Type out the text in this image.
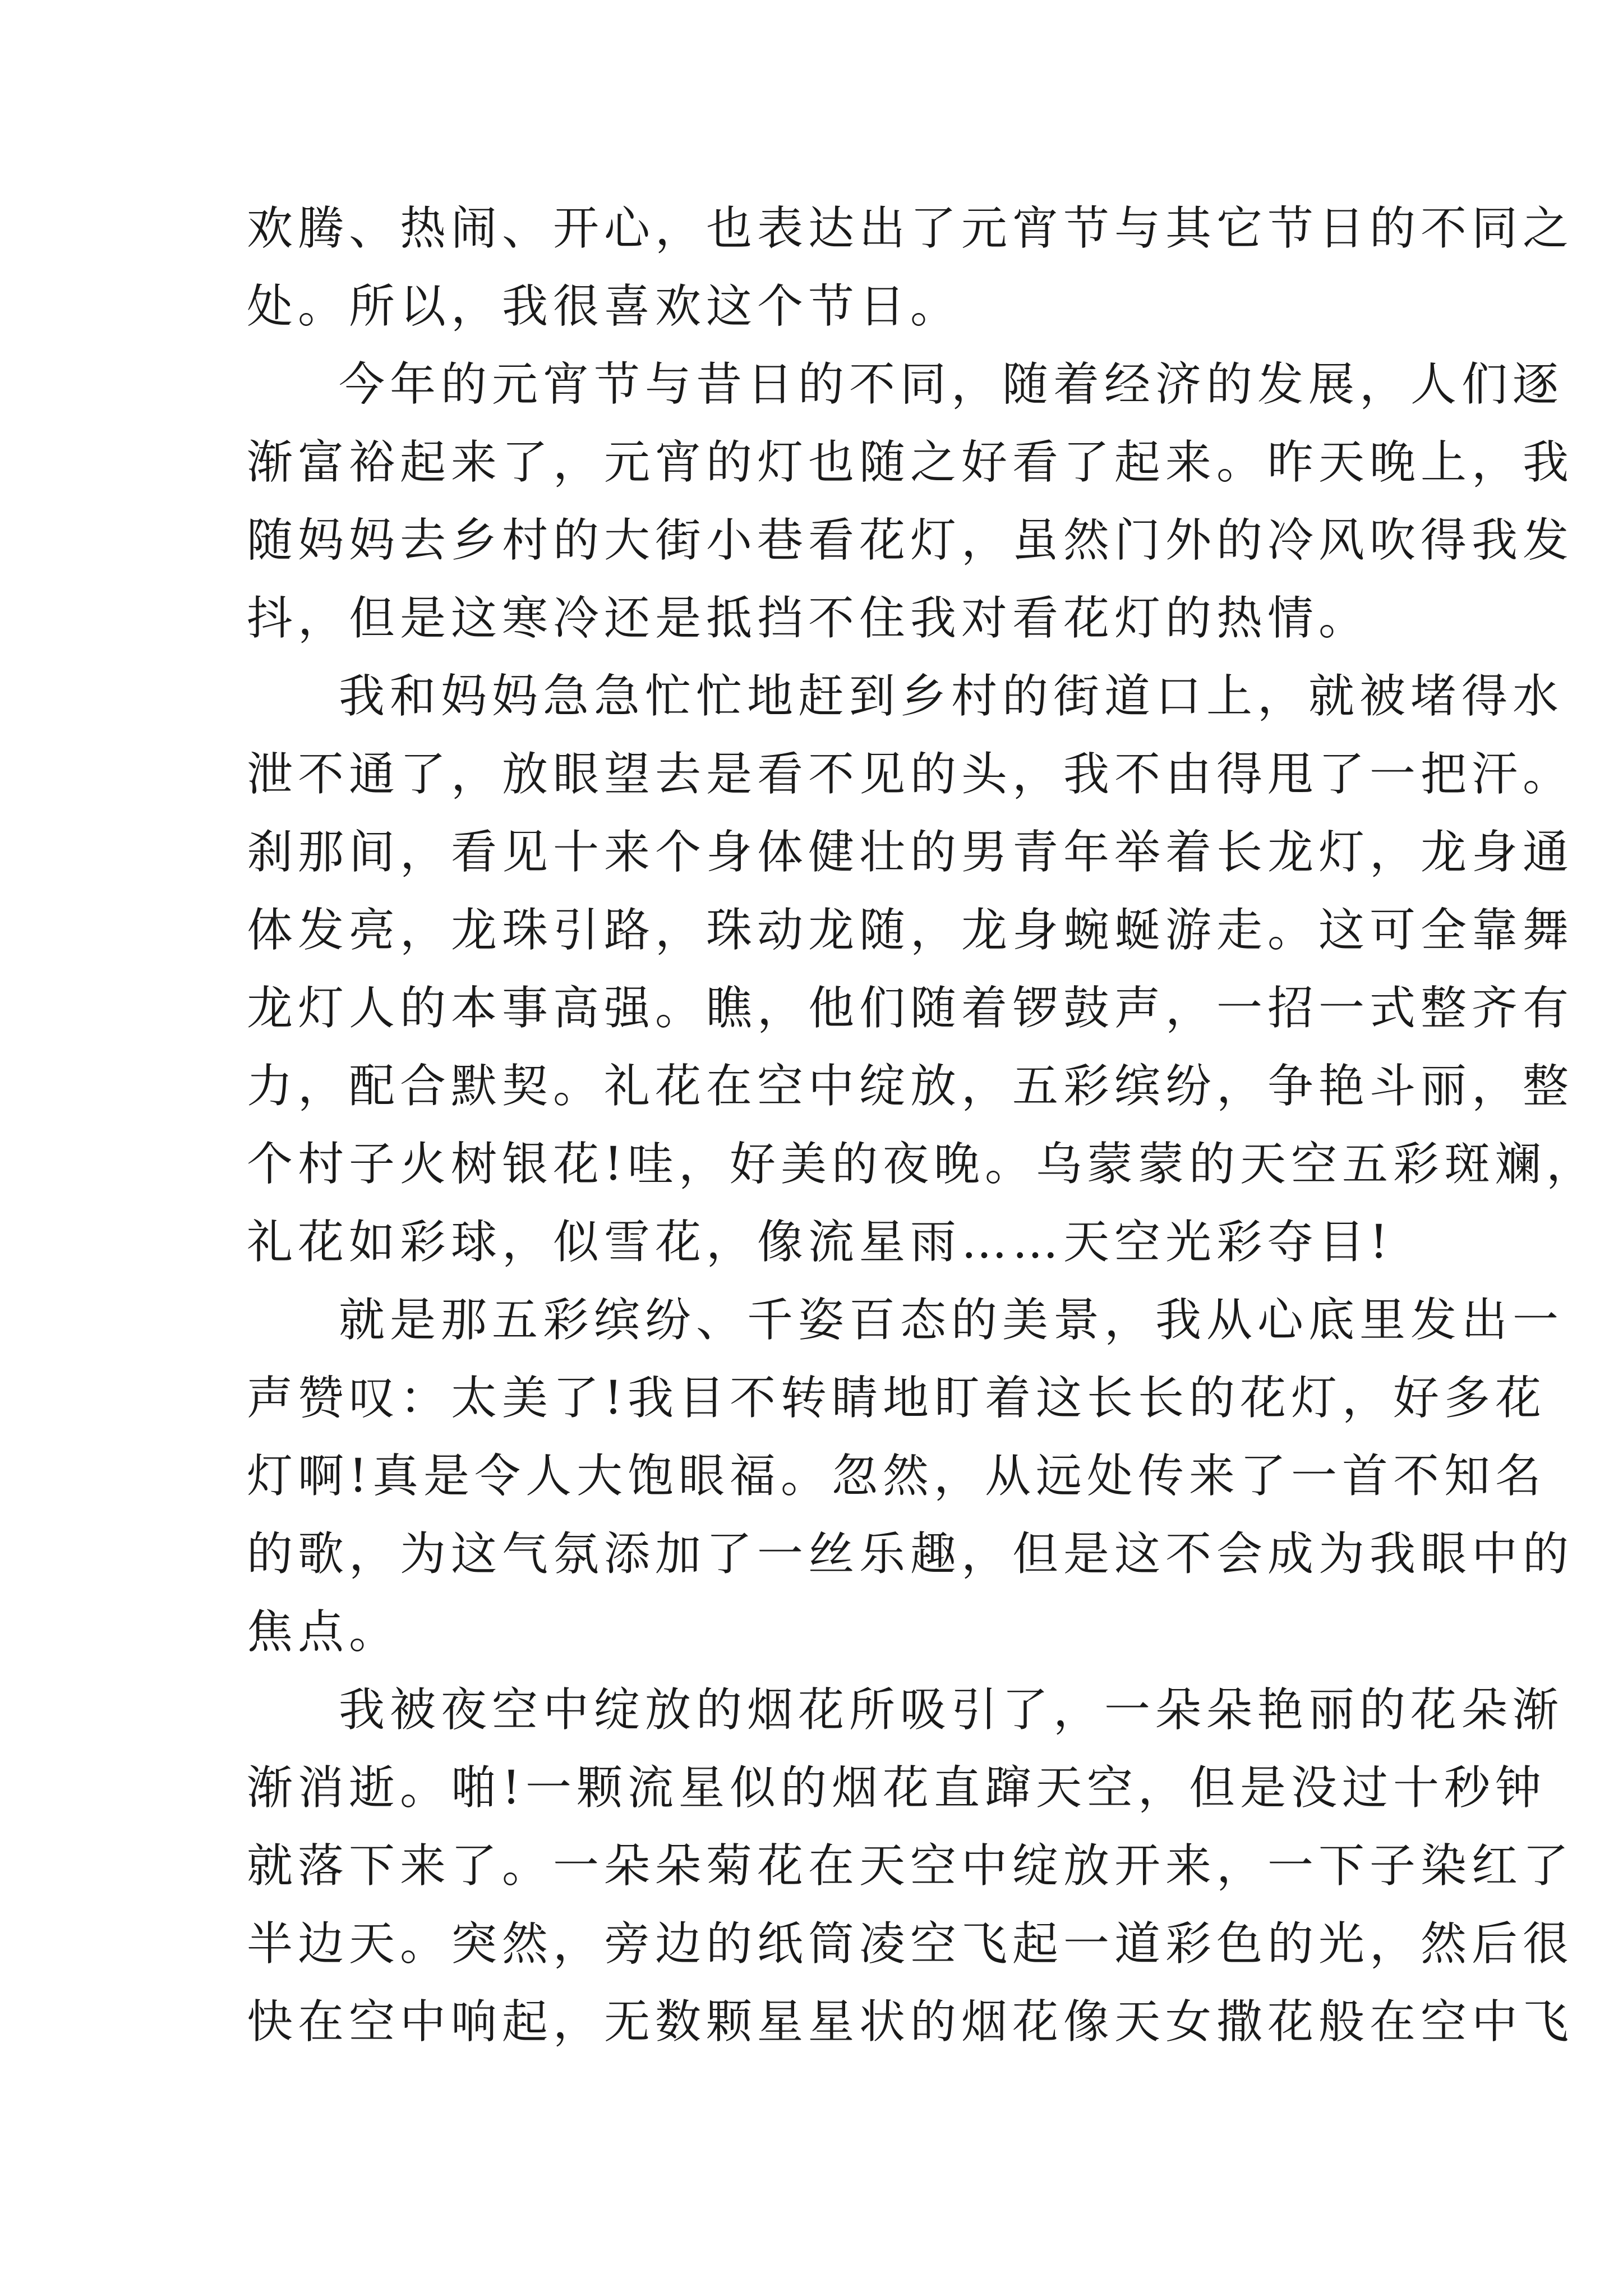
欢腾、热闹、开心，也表达出了元宵节与其它节日的不同之
处。所以，我很喜欢这个节日。
今年的元宵节与昔日的不同，随着经济的发展，人们逐
渐富裕起来了，元宵的灯也随之好看了起来。昨天晚上，我
随妈妈去乡村的大街小巷看花灯，虽然门外的冷风吹得我发
抖，但是这寒冷还是抵挡不住我对看花灯的热情。
我和妈妈急急忙忙地赶到乡村的街道口上，就被堵得水
泄不通了，放眼望去是看不见的头，我不由得甩了一把汗。
刹那间，看见十来个身体健壮的男青年举着长龙灯，龙身通
体发亮，龙珠引路，珠动龙随，龙身蜿蜒游走。这可全靠舞
龙灯人的本事高强。瞧，他们随着锣鼓声，一招一式整齐有
力，配合默契。礼花在空中绽放，五彩缤纷，争艳斗丽，整
个村子火树银花!哇，好美的夜晚。乌蒙蒙的天空五彩斑斓，
礼花如彩球，似雪花，像流星雨……天空光彩夺目!
就是那五彩缤纷、千姿百态的美景，我从心底里发出一
声赞叹：太美了!我目不转睛地盯着这长长的花灯，好多花
灯啊!真是令人大饱眼福。忽然，从远处传来了一首不知名
的歌，为这气氛添加了一丝乐趣，但是这不会成为我眼中的
焦点。
我被夜空中绽放的烟花所吸引了，一朵朵艳丽的花朵渐
渐消逝。啪!一颗流星似的烟花直蹿天空，但是没过十秒钟
就落下来了。一朵朵菊花在天空中绽放开来，一下子染红了
半边天。突然，旁边的纸筒凌空飞起一道彩色的光，然后很
快在空中响起，无数颗星星状的烟花像天女撒花般在空中飞
